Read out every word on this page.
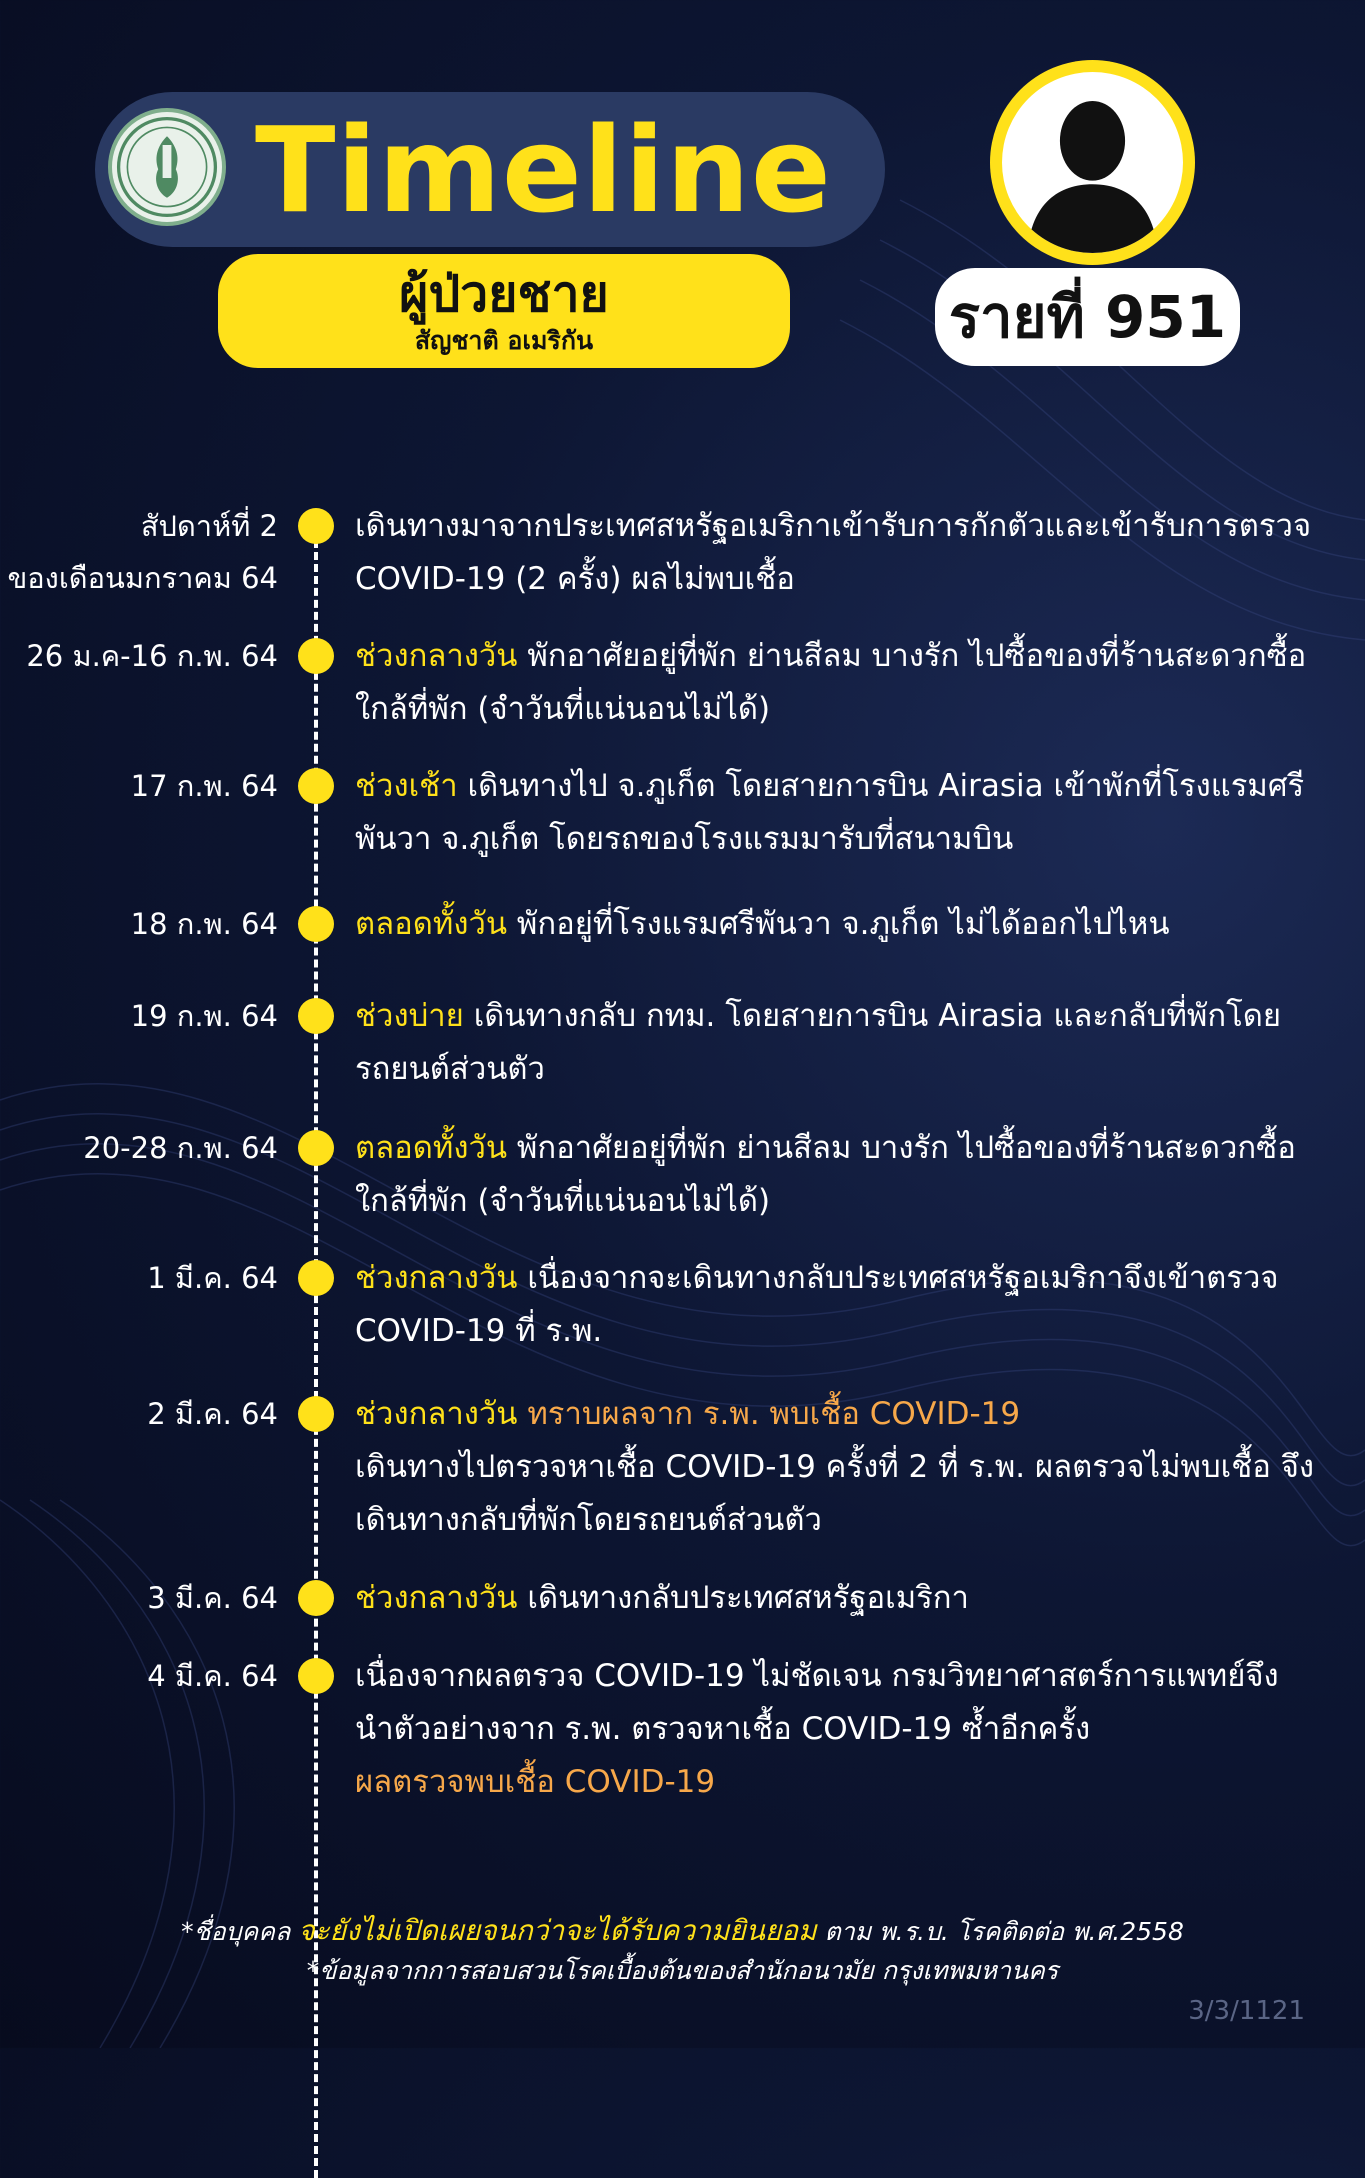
Timeline
ผู้ป่วยชาย
สัญชาติ อเมริกัน	รายที่ 951
สัปดาห์ที่ 2
ของเดือนมกราคม 64
เดินทางมาจากประเทศสหรัฐอเมริกาเข้ารับการกักตัวและเข้ารับการตรวจ COVID-19 (2 ครั้ง) ผลไม่พบเชื้อ
26 ม.ค-16 ก.พ. 64 ช่วงกลางวัน พักอาศัยอยู่ที่พัก ย่านสีลม บางรัก ไปซื้อของที่ร้านสะดวกซื้อใกล้ที่พัก (จำวันที่แน่นอนไม่ได้)
17 ก.พ. 64 ช่วงเช้า เดินทางไป จ.ภูเก็ต โดยสายการบิน Airasia เข้าพักที่โรงแรมศรีพันวา จ.ภูเก็ต โดยรถของโรงแรมมารับที่สนามบิน
18 ก.พ. 64 ตลอดทั้งวัน พักอยู่ที่โรงแรมศรีพันวา จ.ภูเก็ต ไม่ได้ออกไปไหน
19 ก.พ. 64 ช่วงบ่าย เดินทางกลับ กทม. โดยสายการบิน Airasia และกลับที่พักโดยรถยนต์ส่วนตัว
20-28 ก.พ. 64 ตลอดทั้งวัน พักอาศัยอยู่ที่พัก ย่านสีลม บางรัก ไปซื้อของที่ร้านสะดวกซื้อใกล้ที่พัก (จำวันที่แน่นอนไม่ได้)
1 มี.ค. 64 ช่วงกลางวัน เนื่องจากจะเดินทางกลับประเทศสหรัฐอเมริกาจึงเข้าตรวจ COVID-19 ที่ ร.พ.
2 มี.ค. 64 ช่วงกลางวัน ทราบผลจาก ร.พ. พบเชื้อ COVID-19
เดินทางไปตรวจหาเชื้อ COVID-19 ครั้งที่ 2 ที่ ร.พ. ผลตรวจไม่พบเชื้อ จึงเดินทางกลับที่พักโดยรถยนต์ส่วนตัว
3 มี.ค. 64 ช่วงกลางวัน เดินทางกลับประเทศสหรัฐอเมริกา
4 มี.ค. 64 เนื่องจากผลตรวจ COVID-19 ไม่ชัดเจน กรมวิทยาศาสตร์การแพทย์จึงนำตัวอย่างจาก ร.พ. ตรวจหาเชื้อ COVID-19 ซ้ำอีกครั้ง
ผลตรวจพบเชื้อ COVID-19
*ชื่อบุคคล จะยังไม่เปิดเผยจนกว่าจะได้รับความยินยอม ตาม พ.ร.บ. โรคติดต่อ พ.ศ.2558
*ข้อมูลจากการสอบสวนโรคเบื้องต้นของสำนักอนามัย กรุงเทพมหานคร
3/3/1121
